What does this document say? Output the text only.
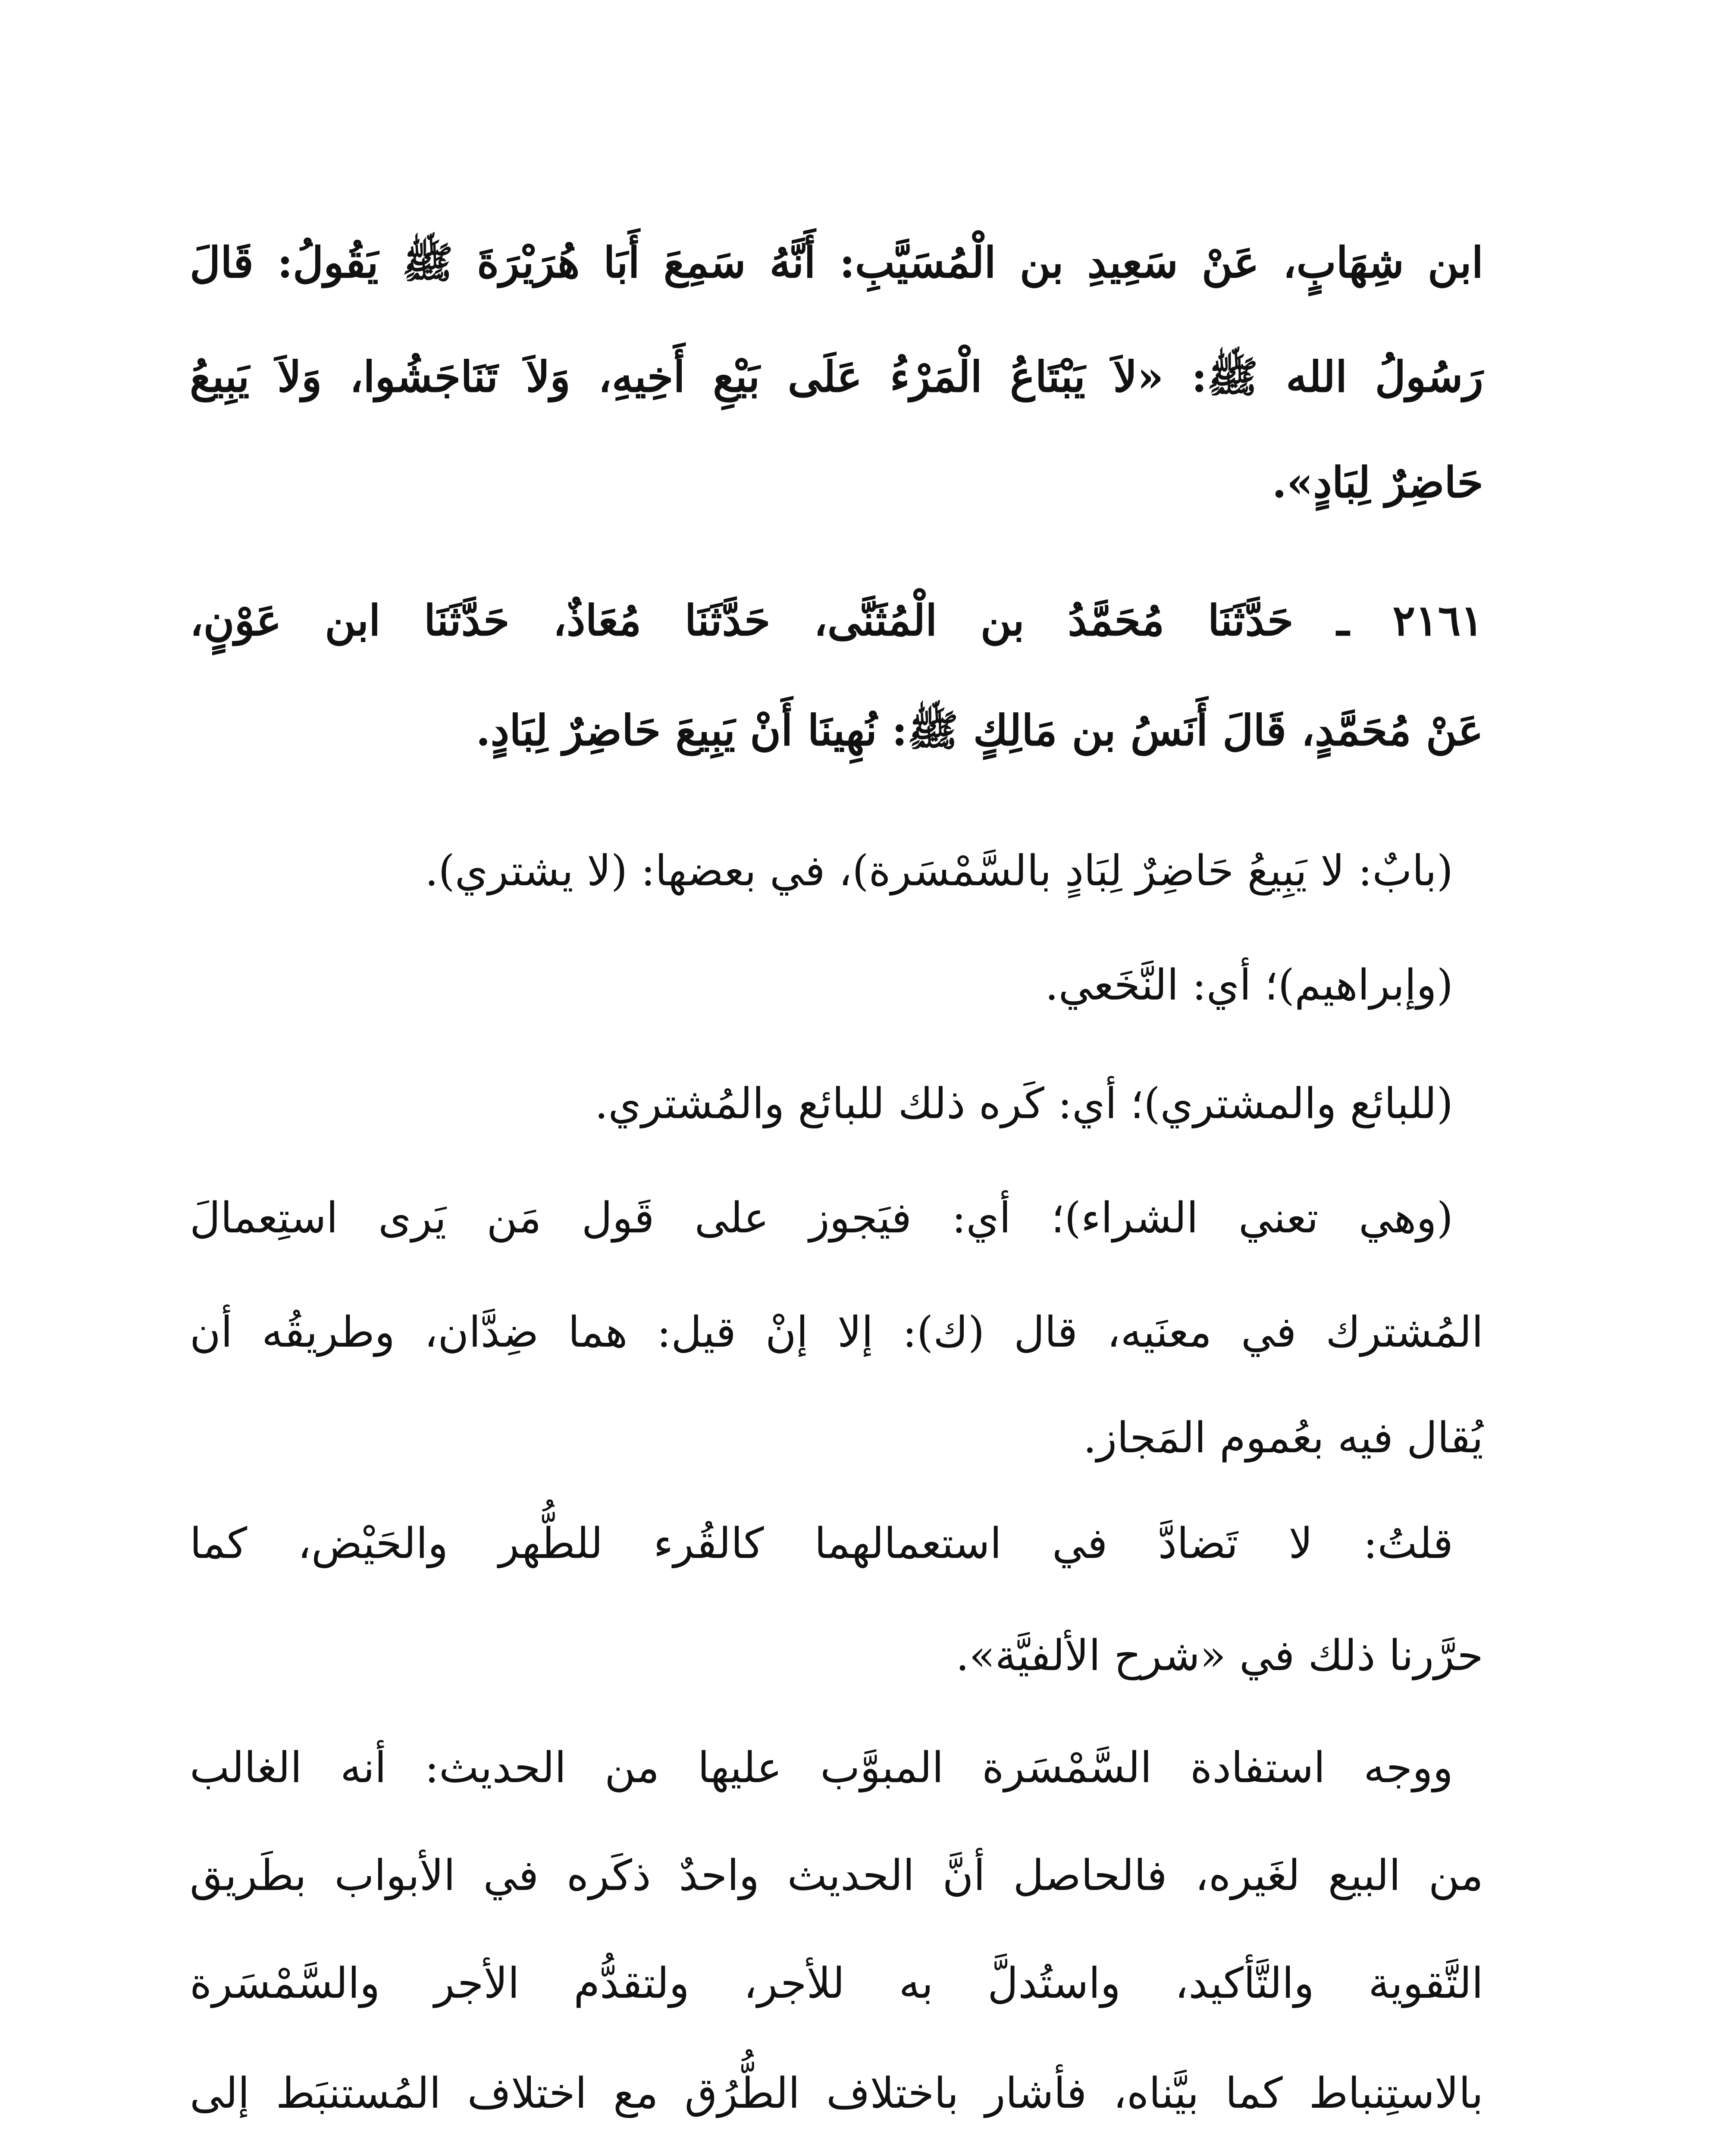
ابن شِهَابٍ، عَنْ سَعِيدِ بن الْمُسَيَّبِ: أَنَّهُ سَمِعَ أَبَا هُرَيْرَةَ ﷺ يَقُولُ: قَالَ
رَسُولُ الله ﷺ: «لاَ يَبْتَاعُ الْمَرْءُ عَلَى بَيْعِ أَخِيهِ، وَلاَ تَنَاجَشُوا، وَلاَ يَبِيعُ
حَاضِرٌ لِبَادٍ».
٢١٦١ ـ حَدَّثَنَا مُحَمَّدُ بن الْمُثَنَّى، حَدَّثَنَا مُعَاذٌ، حَدَّثَنَا ابن عَوْنٍ،
عَنْ مُحَمَّدٍ، قَالَ أَنَسُ بن مَالِكٍ ﷺ: نُهِينَا أَنْ يَبِيعَ حَاضِرٌ لِبَادٍ.
(بابٌ: لا يَبِيعُ حَاضِرٌ لِبَادٍ بالسَّمْسَرة)، في بعضها: (لا يشتري).
(وإبراهيم)؛ أي: النَّخَعي.
(للبائع والمشتري)؛ أي: كَره ذلك للبائع والمُشتري.
(وهي تعني الشراء)؛ أي: فيَجوز على قَول مَن يَرى استِعمالَ
المُشترك في معنَيه، قال (ك): إلا إنْ قيل: هما ضِدَّان، وطريقُه أن
يُقال فيه بعُموم المَجاز.
قلتُ: لا تَضادَّ في استعمالهما كالقُرء للطُّهر والحَيْض، كما
حرَّرنا ذلك في «شرح الألفيَّة».
ووجه استفادة السَّمْسَرة المبوَّب عليها من الحديث: أنه الغالب
من البيع لغَيره، فالحاصل أنَّ الحديث واحدٌ ذكَره في الأبواب بطَريق
التَّقوية والتَّأكيد، واستُدلَّ به للأجر، ولتقدُّم الأجر والسَّمْسَرة
بالاستِنباط كما بيَّناه، فأشار باختلاف الطُّرُق مع اختلاف المُستنبَط إلى
